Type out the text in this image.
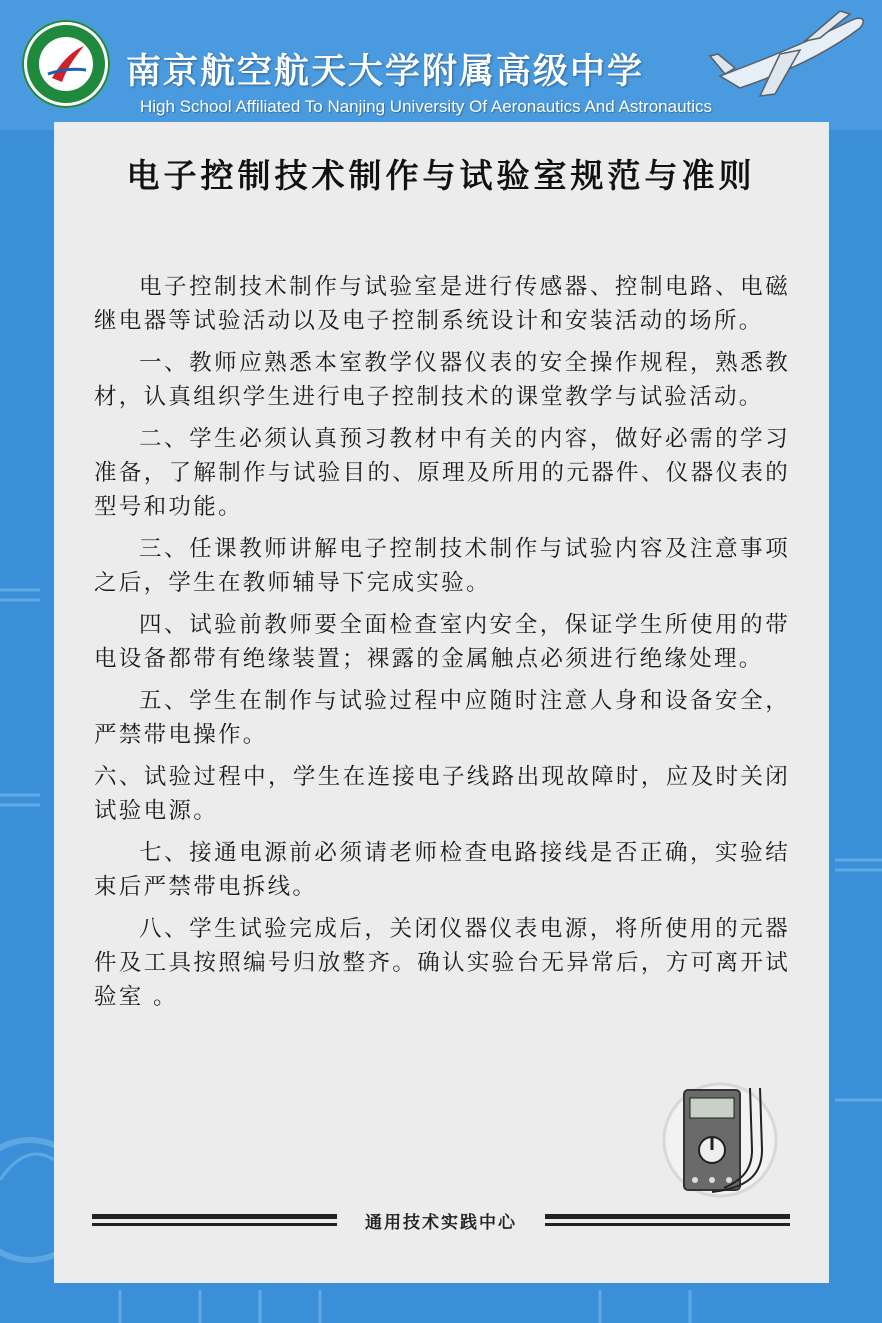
南京航空航天大学附属高级中学
High School Affiliated To Nanjing University Of Aeronautics And Astronautics
电子控制技术制作与试验室规范与准则

电子控制技术制作与试验室是进行传感器、控制电路、电磁继电器等试验活动以及电子控制系统设计和安装活动的场所。

一、教师应熟悉本室教学仪器仪表的安全操作规程，熟悉教材，认真组织学生进行电子控制技术的课堂教学与试验活动。

二、学生必须认真预习教材中有关的内容，做好必需的学习准备，了解制作与试验目的、原理及所用的元器件、仪器仪表的型号和功能。

三、任课教师讲解电子控制技术制作与试验内容及注意事项之后，学生在教师辅导下完成实验。

四、试验前教师要全面检查室内安全，保证学生所使用的带电设备都带有绝缘装置；裸露的金属触点必须进行绝缘处理。

五、学生在制作与试验过程中应随时注意人身和设备安全，严禁带电操作。

六、试验过程中，学生在连接电子线路出现故障时，应及时关闭试验电源。

七、接通电源前必须请老师检查电路接线是否正确，实验结束后严禁带电拆线。

八、学生试验完成后，关闭仪器仪表电源，将所使用的元器件及工具按照编号归放整齐。确认实验台无异常后，方可离开试验室 。

通用技术实践中心
